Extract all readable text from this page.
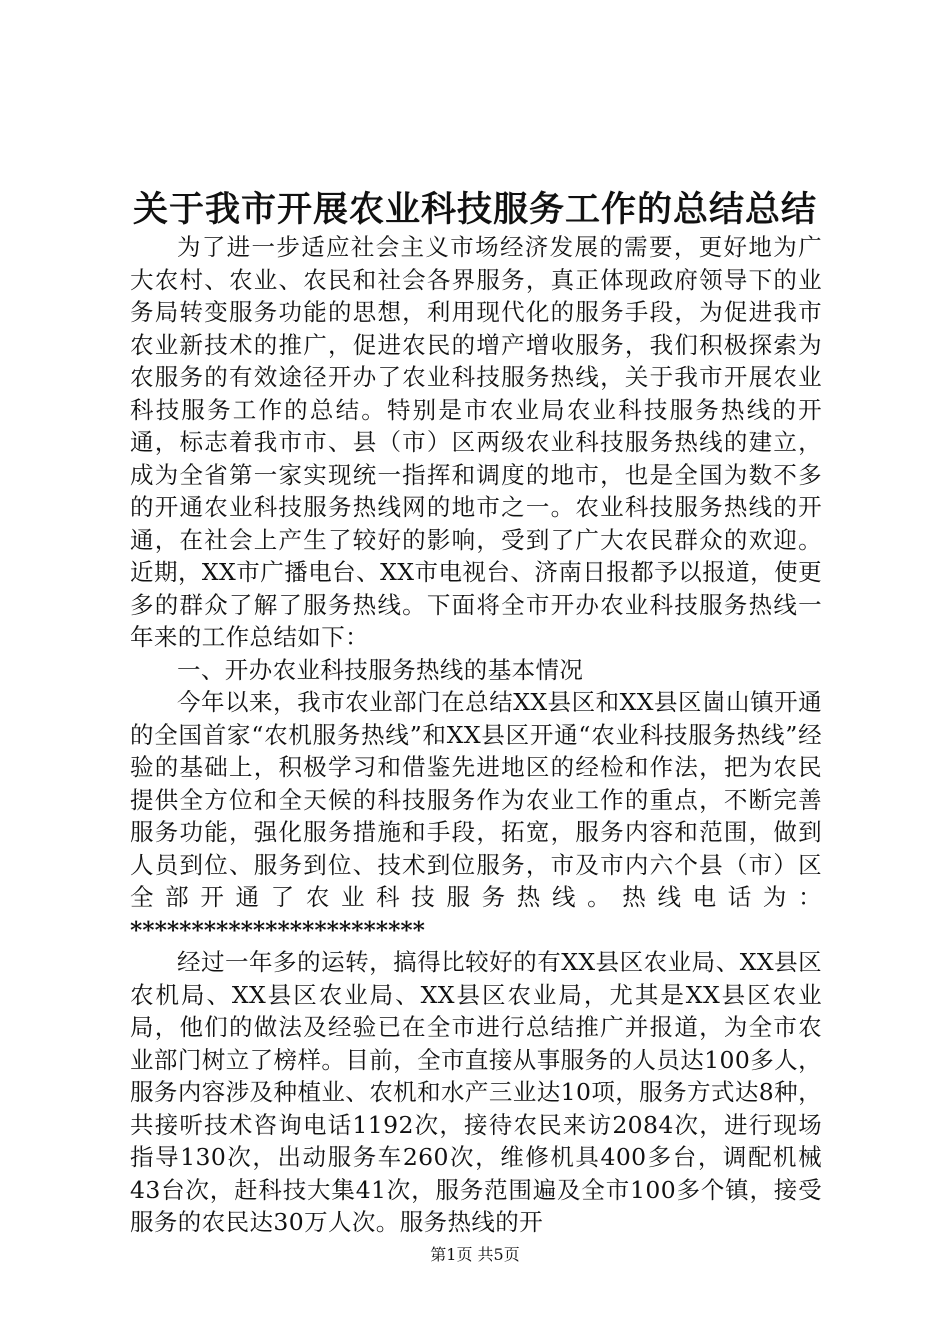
关于我市开展农业科技服务工作的总结总结

为了进一步适应社会主义市场经济发展的需要，更好地为广大农村、农业、农民和社会各界服务，真正体现政府领导下的业务局转变服务功能的思想，利用现代化的服务手段，为促进我市农业新技术的推广，促进农民的增产增收服务，我们积极探索为农服务的有效途径开办了农业科技服务热线，关于我市开展农业科技服务工作的总结。特别是市农业局农业科技服务热线的开通，标志着我市市、县（市）区两级农业科技服务热线的建立，成为全省第一家实现统一指挥和调度的地市，也是全国为数不多的开通农业科技服务热线网的地市之一。农业科技服务热线的开通，在社会上产生了较好的影响，受到了广大农民群众的欢迎。近期，XX市广播电台、XX市电视台、济南日报都予以报道，使更多的群众了解了服务热线。下面将全市开办农业科技服务热线一年来的工作总结如下：

一、开办农业科技服务热线的基本情况

今年以来，我市农业部门在总结XX县区和XX县区崮山镇开通的全国首家“农机服务热线”和XX县区开通“农业科技服务热线”经验的基础上，积极学习和借鉴先进地区的经检和作法，把为农民提供全方位和全天候的科技服务作为农业工作的重点，不断完善服务功能，强化服务措施和手段，拓宽，服务内容和范围，做到人员到位、服务到位、技术到位服务，市及市内六个县（市）区全部开通了农业科技服务热线。热线电话为：************************

经过一年多的运转，搞得比较好的有XX县区农业局、XX县区农机局、XX县区农业局、XX县区农业局，尤其是XX县区农业局，他们的做法及经验已在全市进行总结推广并报道，为全市农业部门树立了榜样。目前，全市直接从事服务的人员达100多人，服务内容涉及种植业、农机和水产三业达10项，服务方式达8种，共接听技术咨询电话1192次，接待农民来访2084次，进行现场指导130次，出动服务车260次，维修机具400多台，调配机械43台次，赶科技大集41次，服务范围遍及全市100多个镇，接受服务的农民达30万人次。服务热线的开

第1页 共5页
